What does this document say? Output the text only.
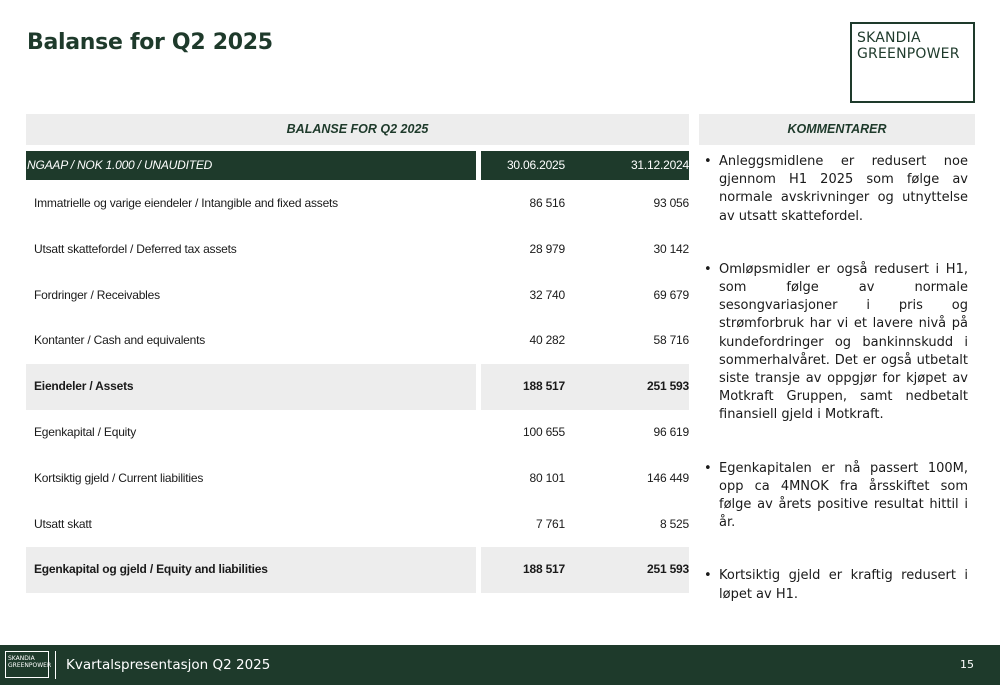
Balanse for Q2 2025	SKANDIA
GREENPOWER
BALANSE FOR Q2 2025	KOMMENTARER
NGAAP / NOK 1.000 / UNAUDITED	30.06.2025	31.12.2024
Immatrielle og varige eiendeler / Intangible and fixed assets	86 516	93 056
Utsatt skattefordel / Deferred tax assets	28 979	30 142
Fordringer / Receivables	32 740	69 679
Kontanter / Cash and equivalents	40 282	58 716
Eiendeler / Assets	188 517	251 593
Egenkapital / Equity	100 655	96 619
Kortsiktig gjeld / Current liabilities	80 101	146 449
Utsatt skatt	7 761	8 525
Egenkapital og gjeld / Equity and liabilities	188 517	251 593
• Anleggsmidlene er redusert noe gjennom H1 2025 som følge av normale avskrivninger og utnyttelse av utsatt skattefordel.
• Omløpsmidler er også redusert i H1, som følge av normale sesongvariasjoner i pris og strømforbruk har vi et lavere nivå på kundefordringer og bankinnskudd i sommerhalvåret. Det er også utbetalt siste transje av oppgjør for kjøpet av Motkraft Gruppen, samt nedbetalt finansiell gjeld i Motkraft.
• Egenkapitalen er nå passert 100M, opp ca 4MNOK fra årsskiftet som følge av årets positive resultat hittil i år.
• Kortsiktig gjeld er kraftig redusert i løpet av H1.
SKANDIA
GREENPOWER Kvartalspresentasjon Q2 2025	15
